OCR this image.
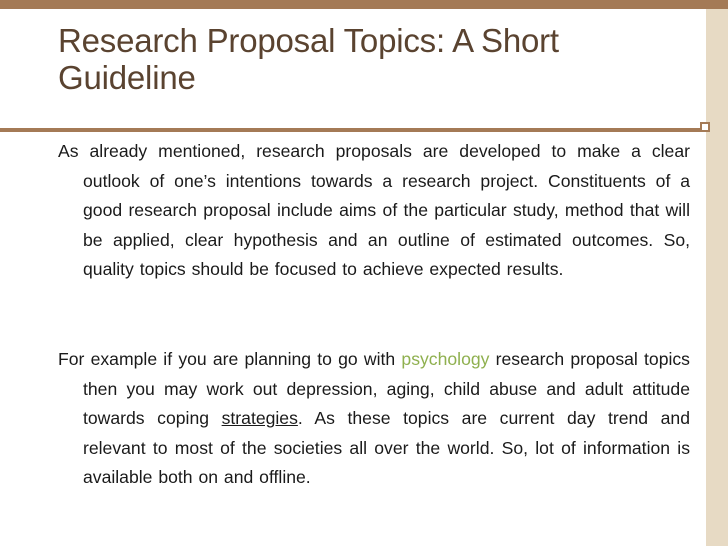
Research Proposal Topics: A Short Guideline

As already mentioned, research proposals are developed to make a clear outlook of one’s intentions towards a research project. Constituents of a good research proposal include aims of the particular study, method that will be applied, clear hypothesis and an outline of estimated outcomes. So, quality topics should be focused to achieve expected results.

For example if you are planning to go with psychology research proposal topics then you may work out depression, aging, child abuse and adult attitude towards coping strategies. As these topics are current day trend and relevant to most of the societies all over the world. So, lot of information is available both on and offline.
